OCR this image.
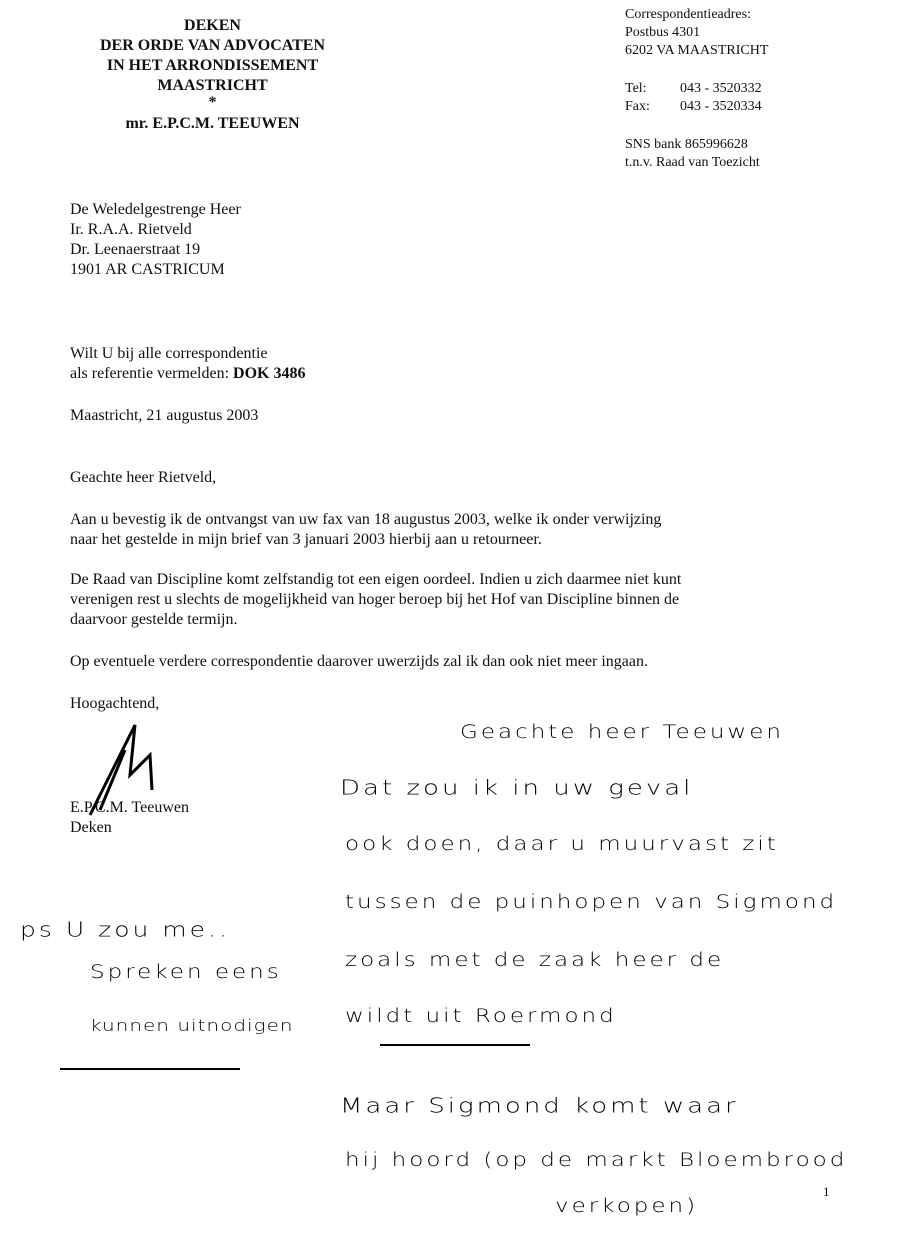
DEKEN
DER ORDE VAN ADVOCATEN
IN HET ARRONDISSEMENT
MAASTRICHT
*
mr. E.P.C.M. TEEUWEN
Correspondentieadres:
Postbus 4301
6202 VA MAASTRICHT
Tel:	043 - 3520332
Fax:	043 - 3520334
SNS bank 865996628
t.n.v. Raad van Toezicht
De Weledelgestrenge Heer
Ir. R.A.A. Rietveld
Dr. Leenaerstraat 19
1901 AR CASTRICUM
Wilt U bij alle correspondentie
als referentie vermelden: DOK 3486
Maastricht, 21 augustus 2003
Geachte heer Rietveld,
Aan u bevestig ik de ontvangst van uw fax van 18 augustus 2003, welke ik onder verwijzing
naar het gestelde in mijn brief van 3 januari 2003 hierbij aan u retourneer.
De Raad van Discipline komt zelfstandig tot een eigen oordeel. Indien u zich daarmee niet kunt
verenigen rest u slechts de mogelijkheid van hoger beroep bij het Hof van Discipline binnen de
daarvoor gestelde termijn.
Op eventuele verdere correspondentie daarover uwerzijds zal ik dan ook niet meer ingaan.
Hoogachtend,
E.P.C.M. Teeuwen
Deken
Geachte heer Teeuwen
Dat zou ik in uw geval
ook doen, daar u muurvast zit
tussen de puinhopen van Sigmond
zoals met de zaak heer de
wildt uit Roermond
Maar Sigmond komt waar
hij hoord (op de markt Bloembrood
verkopen)
ps U zou me..
Spreken eens
kunnen uitnodigen
1
